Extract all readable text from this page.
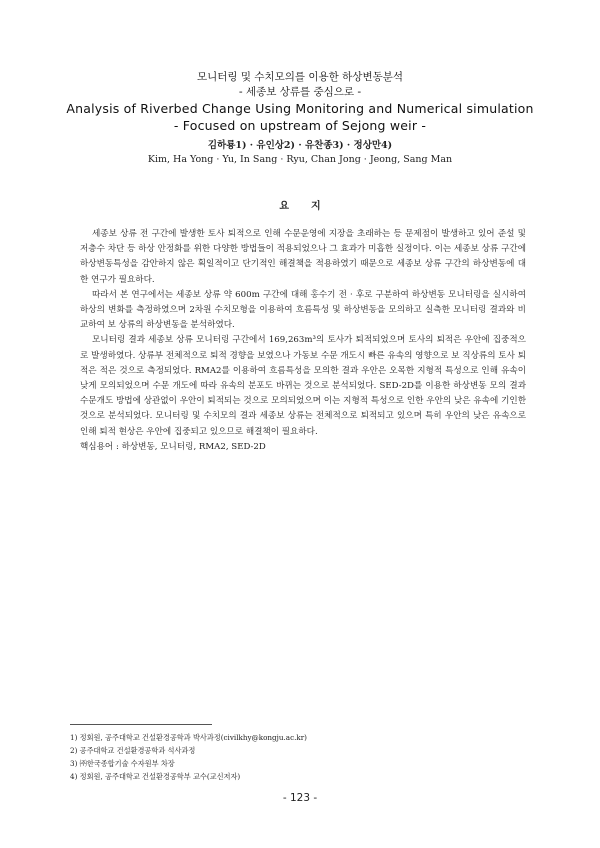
모니터링 및 수치모의를 이용한 하상변동분석
- 세종보 상류를 중심으로 -
Analysis of Riverbed Change Using Monitoring and Numerical simulation
- Focused on upstream of Sejong weir -
김하룡1) · 유인상2) · 유찬종3) · 정상만4)
Kim, Ha Yong · Yu, In Sang · Ryu, Chan Jong · Jeong, Sang Man
요지

세종보 상류 전 구간에 발생한 토사 퇴적으로 인해 수문운영에 지장을 초래하는 등 문제점이 발생하고 있어 준설 및 저층수 차단 등 하상 안정화를 위한 다양한 방법들이 적용되었으나 그 효과가 미흡한 실정이다. 이는 세종보 상류 구간에 하상변동특성을 감안하지 않은 획일적이고 단기적인 해결책을 적용하였기 때문으로 세종보 상류 구간의 하상변동에 대한 연구가 필요하다.

따라서 본 연구에서는 세종보 상류 약 600m 구간에 대해 홍수기 전 · 후로 구분하여 하상변동 모니터링을 실시하여 하상의 변화를 측정하였으며 2차원 수치모형을 이용하여 흐름특성 및 하상변동을 모의하고 실측한 모니터링 결과와 비교하여 보 상류의 하상변동을 분석하였다.

모니터링 결과 세종보 상류 모니터링 구간에서 169,263m³의 토사가 퇴적되었으며 토사의 퇴적은 우안에 집중적으로 발생하였다. 상류부 전체적으로 퇴적 경향을 보였으나 가동보 수문 개도시 빠른 유속의 영향으로 보 직상류의 토사 퇴적은 적은 것으로 측정되었다. RMA2를 이용하여 흐름특성을 모의한 결과 우안은 오목한 지형적 특성으로 인해 유속이 낮게 모의되었으며 수문 개도에 따라 유속의 분포도 바뀌는 것으로 분석되었다. SED-2D를 이용한 하상변동 모의 결과 수문개도 방법에 상관없이 우안이 퇴적되는 것으로 모의되었으며 이는 지형적 특성으로 인한 우안의 낮은 유속에 기인한 것으로 분석되었다. 모니터링 및 수치모의 결과 세종보 상류는 전체적으로 퇴적되고 있으며 특히 우안의 낮은 유속으로 인해 퇴적 현상은 우안에 집중되고 있으므로 해결책이 필요하다.

핵심용어 : 하상변동, 모니터링, RMA2, SED-2D
1) 정회원, 공주대학교 건설환경공학과 박사과정(civilkhy@kongju.ac.kr)
2) 공주대학교 건설환경공학과 석사과정
3) ㈜한국종합기술 수자원부 차장
4) 정회원, 공주대학교 건설환경공학부 교수(교신저자)
- 123 -
